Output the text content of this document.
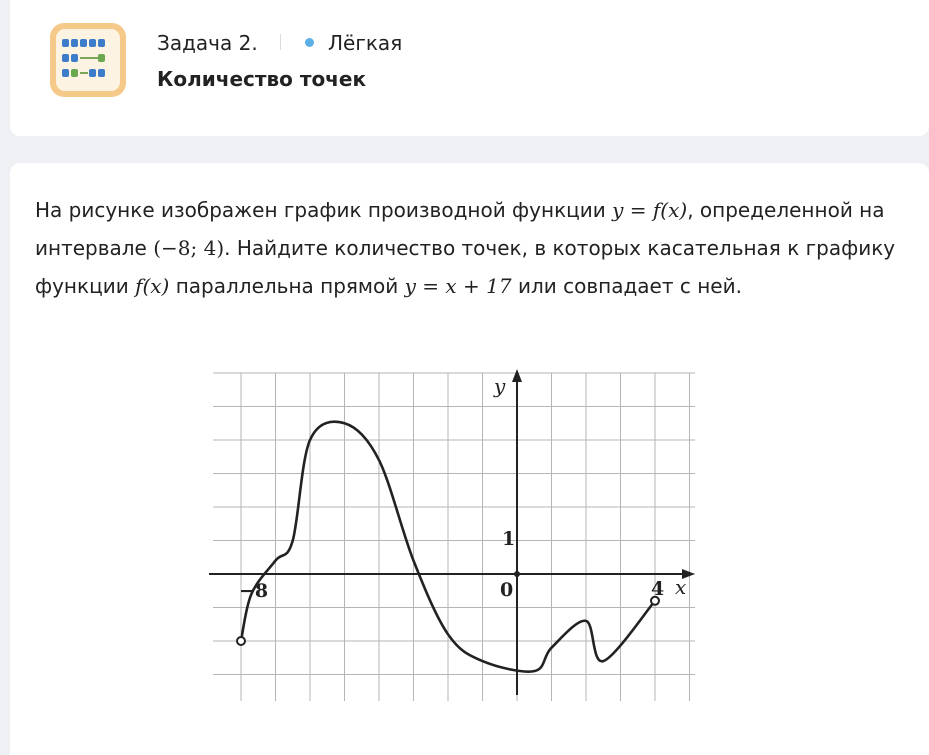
Задача 2.	Лёгкая
Количество точек
На рисунке изображен график производной функции y = f(x), определенной на интервале (−8; 4). Найдите количество точек, в которых касательная к графику функции f(x) параллельна прямой y = x + 17 или совпадает с ней.
y
x
0
1
−8	4
